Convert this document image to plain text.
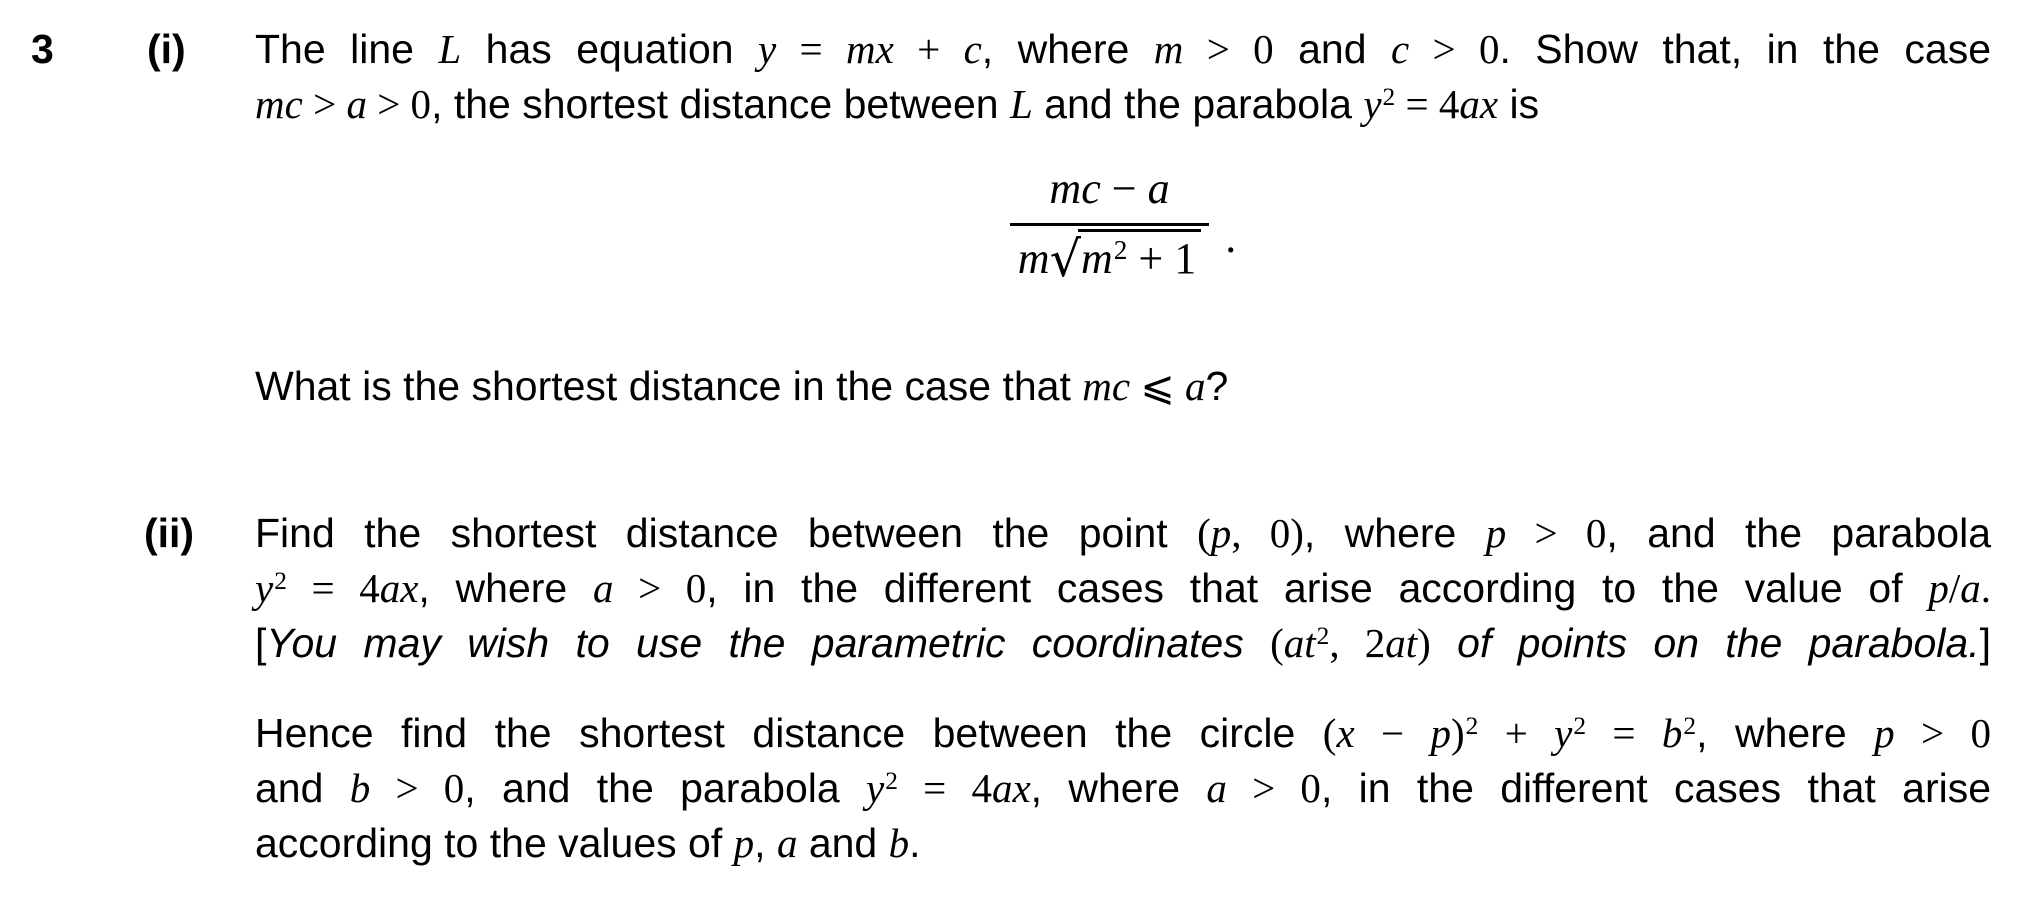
3 (i) The line L has equation y = mx + c, where m > 0 and c > 0. Show that, in the case
mc > a > 0, the shortest distance between L and the parabola $y^2 = 4ax$ is
$\frac{mc - a}{m√m^2 + 1}$ .
What is the shortest distance in the case that mc ⩽ a?
(ii) Find the shortest distance between the point (p, 0), where p > 0, and the parabola
$y^2 = 4ax$, where a > 0, in the different cases that arise according to the value of p/a.
[You may wish to use the parametric coordinates ($at^2$, 2at) of points on the parabola.]
Hence find the shortest distance between the circle $(x - p)^2 + y^2 = b^2$, where p > 0
and b > 0, and the parabola $y^2 = 4ax$, where a > 0, in the different cases that arise
according to the values of p, a and b.
